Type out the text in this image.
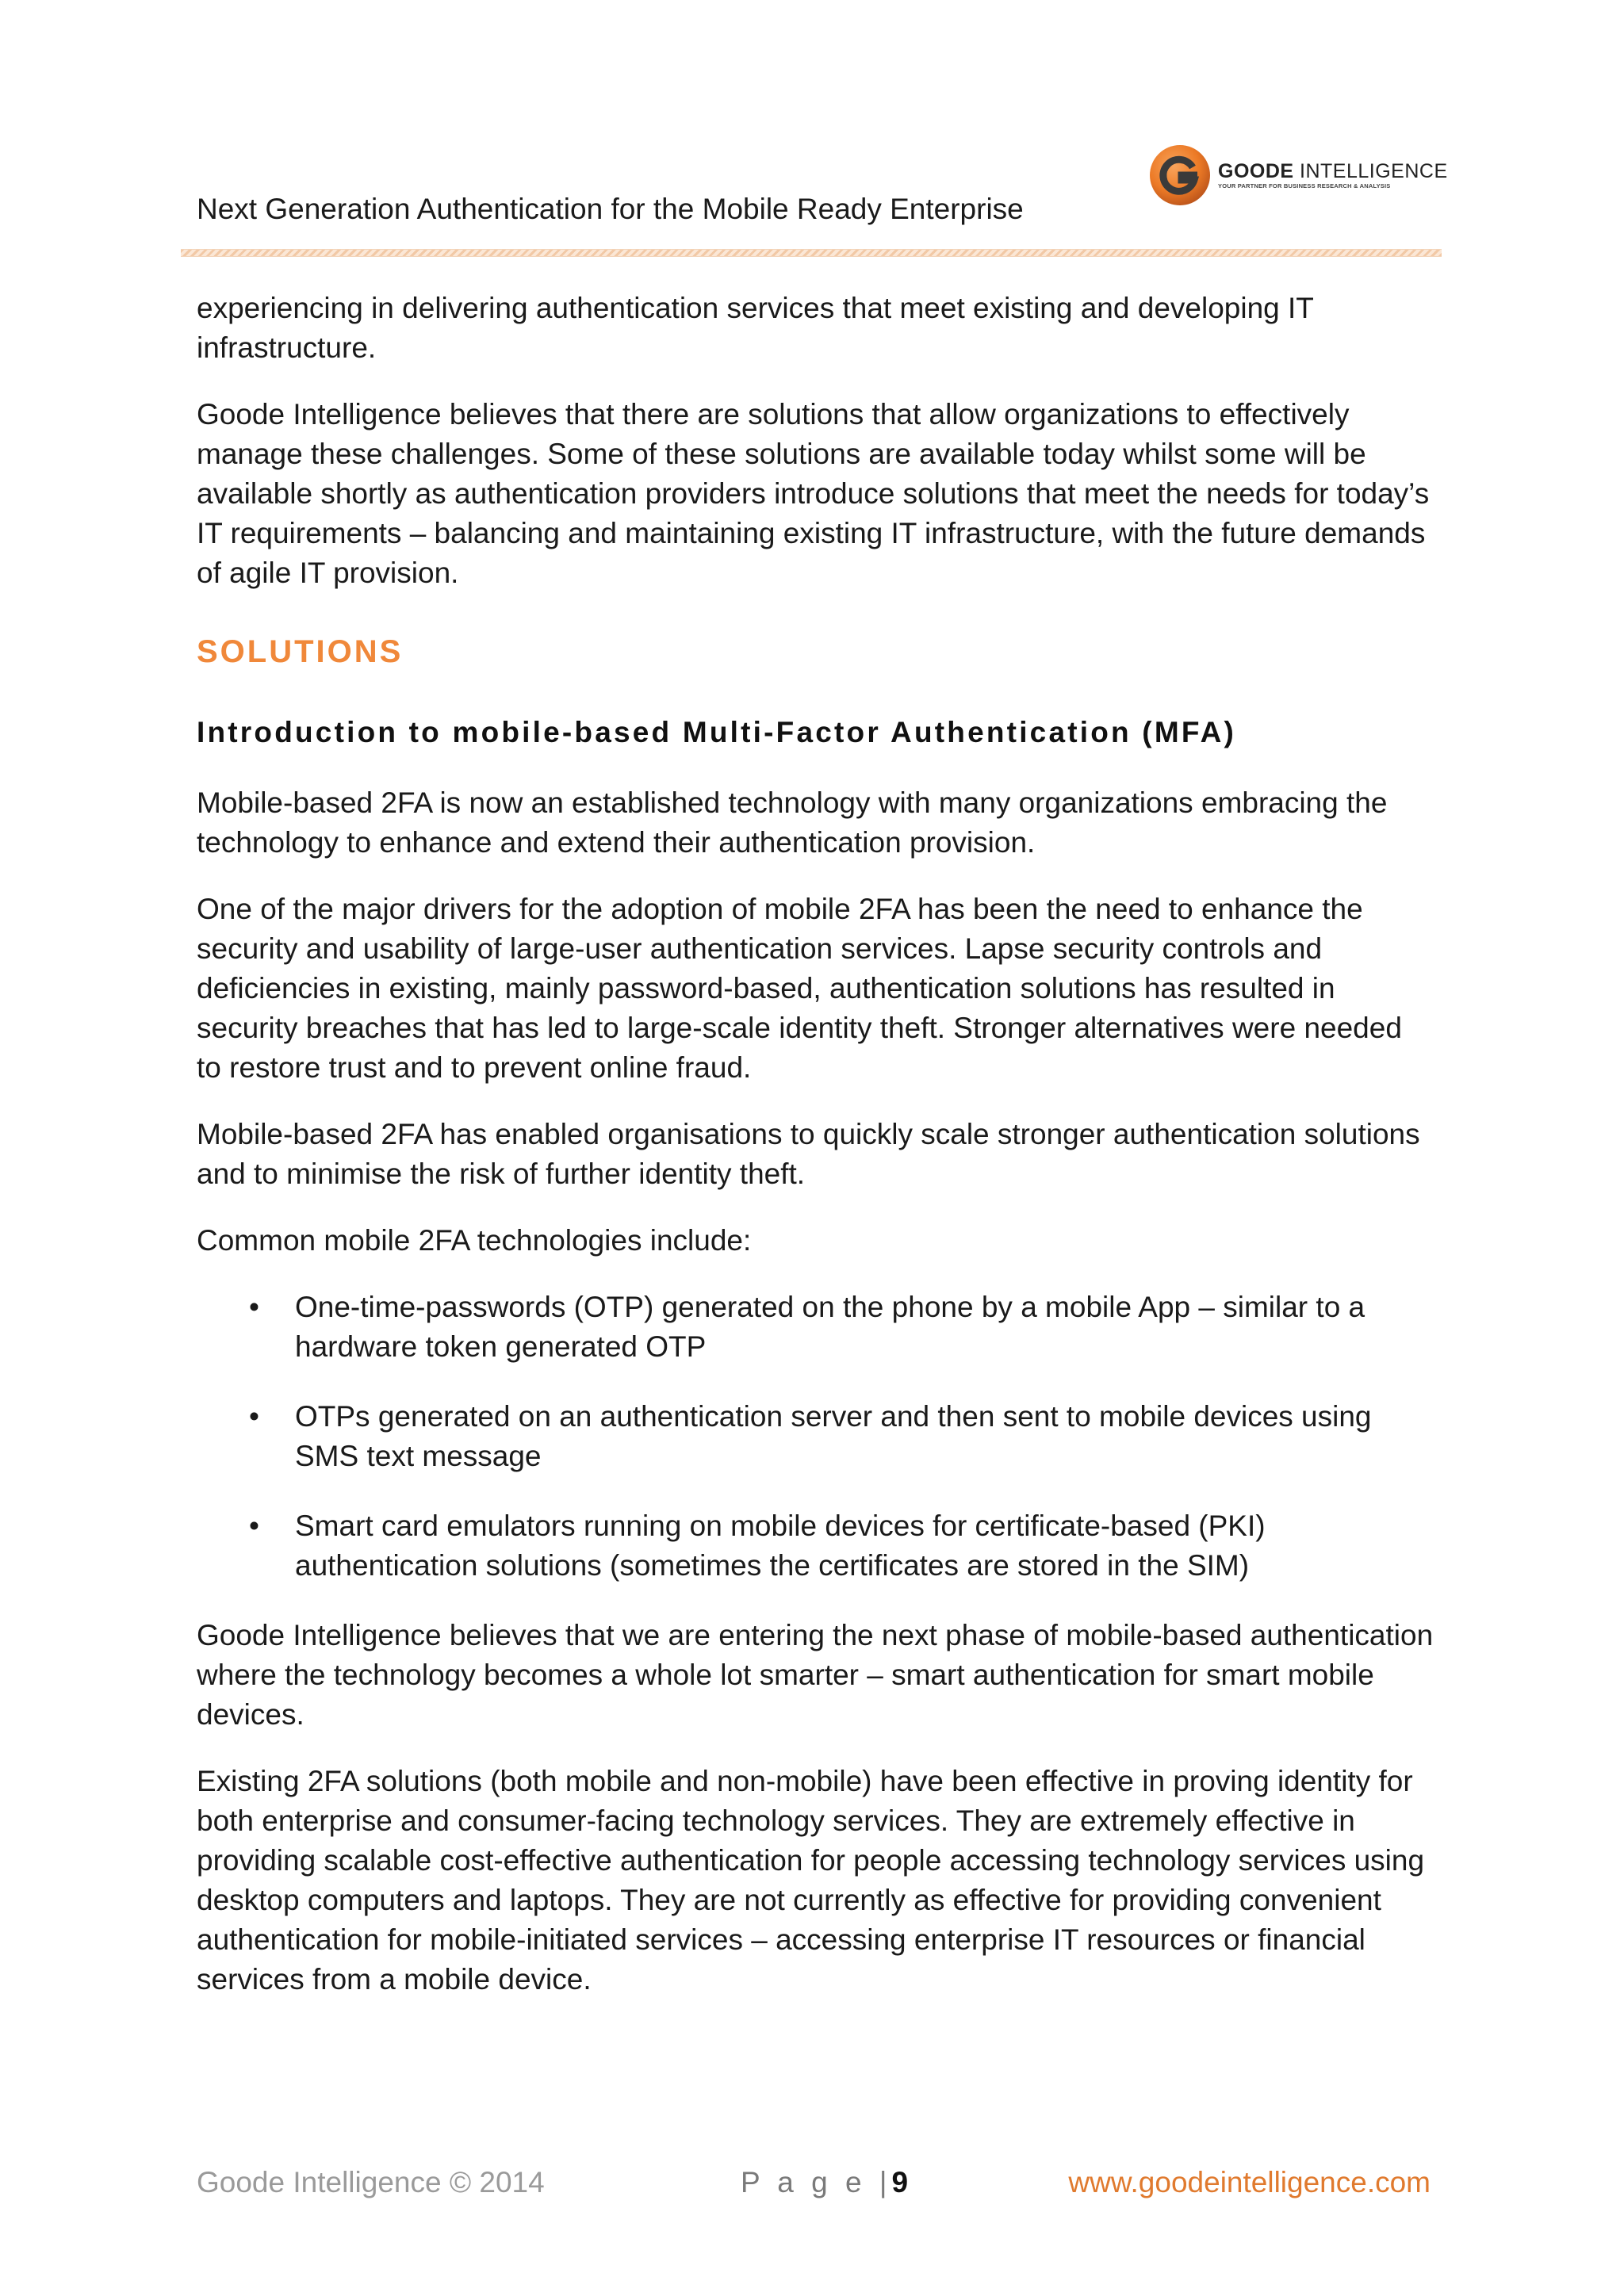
Next Generation Authentication for the Mobile Ready Enterprise
GOODE INTELLIGENCE
YOUR PARTNER FOR BUSINESS RESEARCH & ANALYSIS

experiencing in delivering authentication services that meet existing and developing IT infrastructure.

Goode Intelligence believes that there are solutions that allow organizations to effectively manage these challenges. Some of these solutions are available today whilst some will be available shortly as authentication providers introduce solutions that meet the needs for today’s IT requirements – balancing and maintaining existing IT infrastructure, with the future demands of agile IT provision.

SOLUTIONS
Introduction to mobile-based Multi-Factor Authentication (MFA)

Mobile-based 2FA is now an established technology with many organizations embracing the technology to enhance and extend their authentication provision.

One of the major drivers for the adoption of mobile 2FA has been the need to enhance the security and usability of large-user authentication services. Lapse security controls and deficiencies in existing, mainly password-based, authentication solutions has resulted in security breaches that has led to large-scale identity theft. Stronger alternatives were needed to restore trust and to prevent online fraud.

Mobile-based 2FA has enabled organisations to quickly scale stronger authentication solutions and to minimise the risk of further identity theft.

Common mobile 2FA technologies include:

• One-time-passwords (OTP) generated on the phone by a mobile App – similar to a hardware token generated OTP
• OTPs generated on an authentication server and then sent to mobile devices using SMS text message
• Smart card emulators running on mobile devices for certificate-based (PKI) authentication solutions (sometimes the certificates are stored in the SIM)

Goode Intelligence believes that we are entering the next phase of mobile-based authentication where the technology becomes a whole lot smarter – smart authentication for smart mobile devices.

Existing 2FA solutions (both mobile and non-mobile) have been effective in proving identity for both enterprise and consumer-facing technology services. They are extremely effective in providing scalable cost-effective authentication for people accessing technology services using desktop computers and laptops. They are not currently as effective for providing convenient authentication for mobile-initiated services – accessing enterprise IT resources or financial services from a mobile device.

Goode Intelligence © 2014	P a g e |9	www.goodeintelligence.com
